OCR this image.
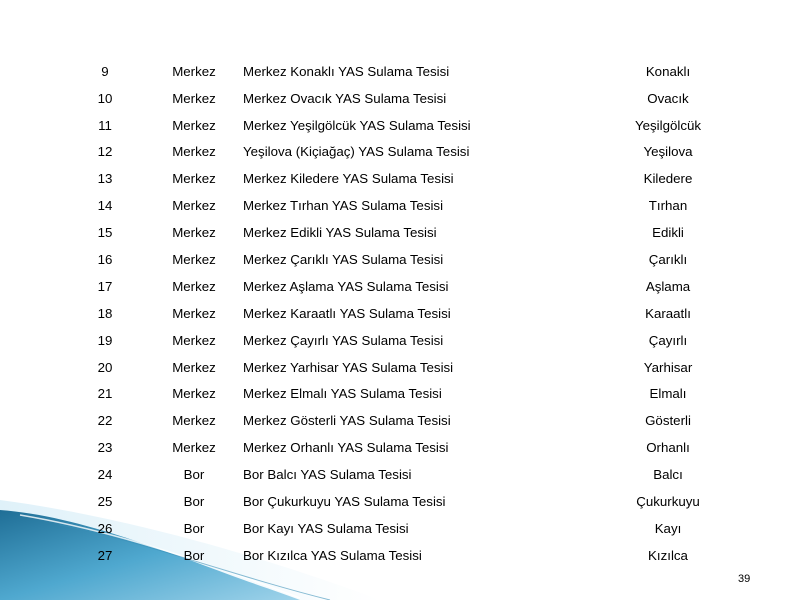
9	Merkez	Merkez Konaklı YAS Sulama Tesisi	Konaklı
10	Merkez	Merkez Ovacık YAS Sulama Tesisi	Ovacık
11	Merkez	Merkez Yeşilgölcük YAS Sulama Tesisi	Yeşilgölcük
12	Merkez	Yeşilova (Kiçiağaç) YAS Sulama Tesisi	Yeşilova
13	Merkez	Merkez Kiledere YAS Sulama Tesisi	Kiledere
14	Merkez	Merkez Tırhan YAS Sulama Tesisi	Tırhan
15	Merkez	Merkez Edikli YAS Sulama Tesisi	Edikli
16	Merkez	Merkez Çarıklı YAS Sulama Tesisi	Çarıklı
17	Merkez	Merkez Aşlama YAS Sulama Tesisi	Aşlama
18	Merkez	Merkez Karaatlı YAS Sulama Tesisi	Karaatlı
19	Merkez	Merkez Çayırlı YAS Sulama Tesisi	Çayırlı
20	Merkez	Merkez Yarhisar YAS Sulama Tesisi	Yarhisar
21	Merkez	Merkez Elmalı YAS Sulama Tesisi	Elmalı
22	Merkez	Merkez Gösterli YAS Sulama Tesisi	Gösterli
23	Merkez	Merkez Orhanlı YAS Sulama Tesisi	Orhanlı
24	Bor	Bor Balcı YAS Sulama Tesisi	Balcı
25	Bor	Bor Çukurkuyu YAS Sulama Tesisi	Çukurkuyu
26	Bor	Bor Kayı YAS Sulama Tesisi	Kayı
27	Bor	Bor Kızılca YAS Sulama Tesisi	Kızılca
39
